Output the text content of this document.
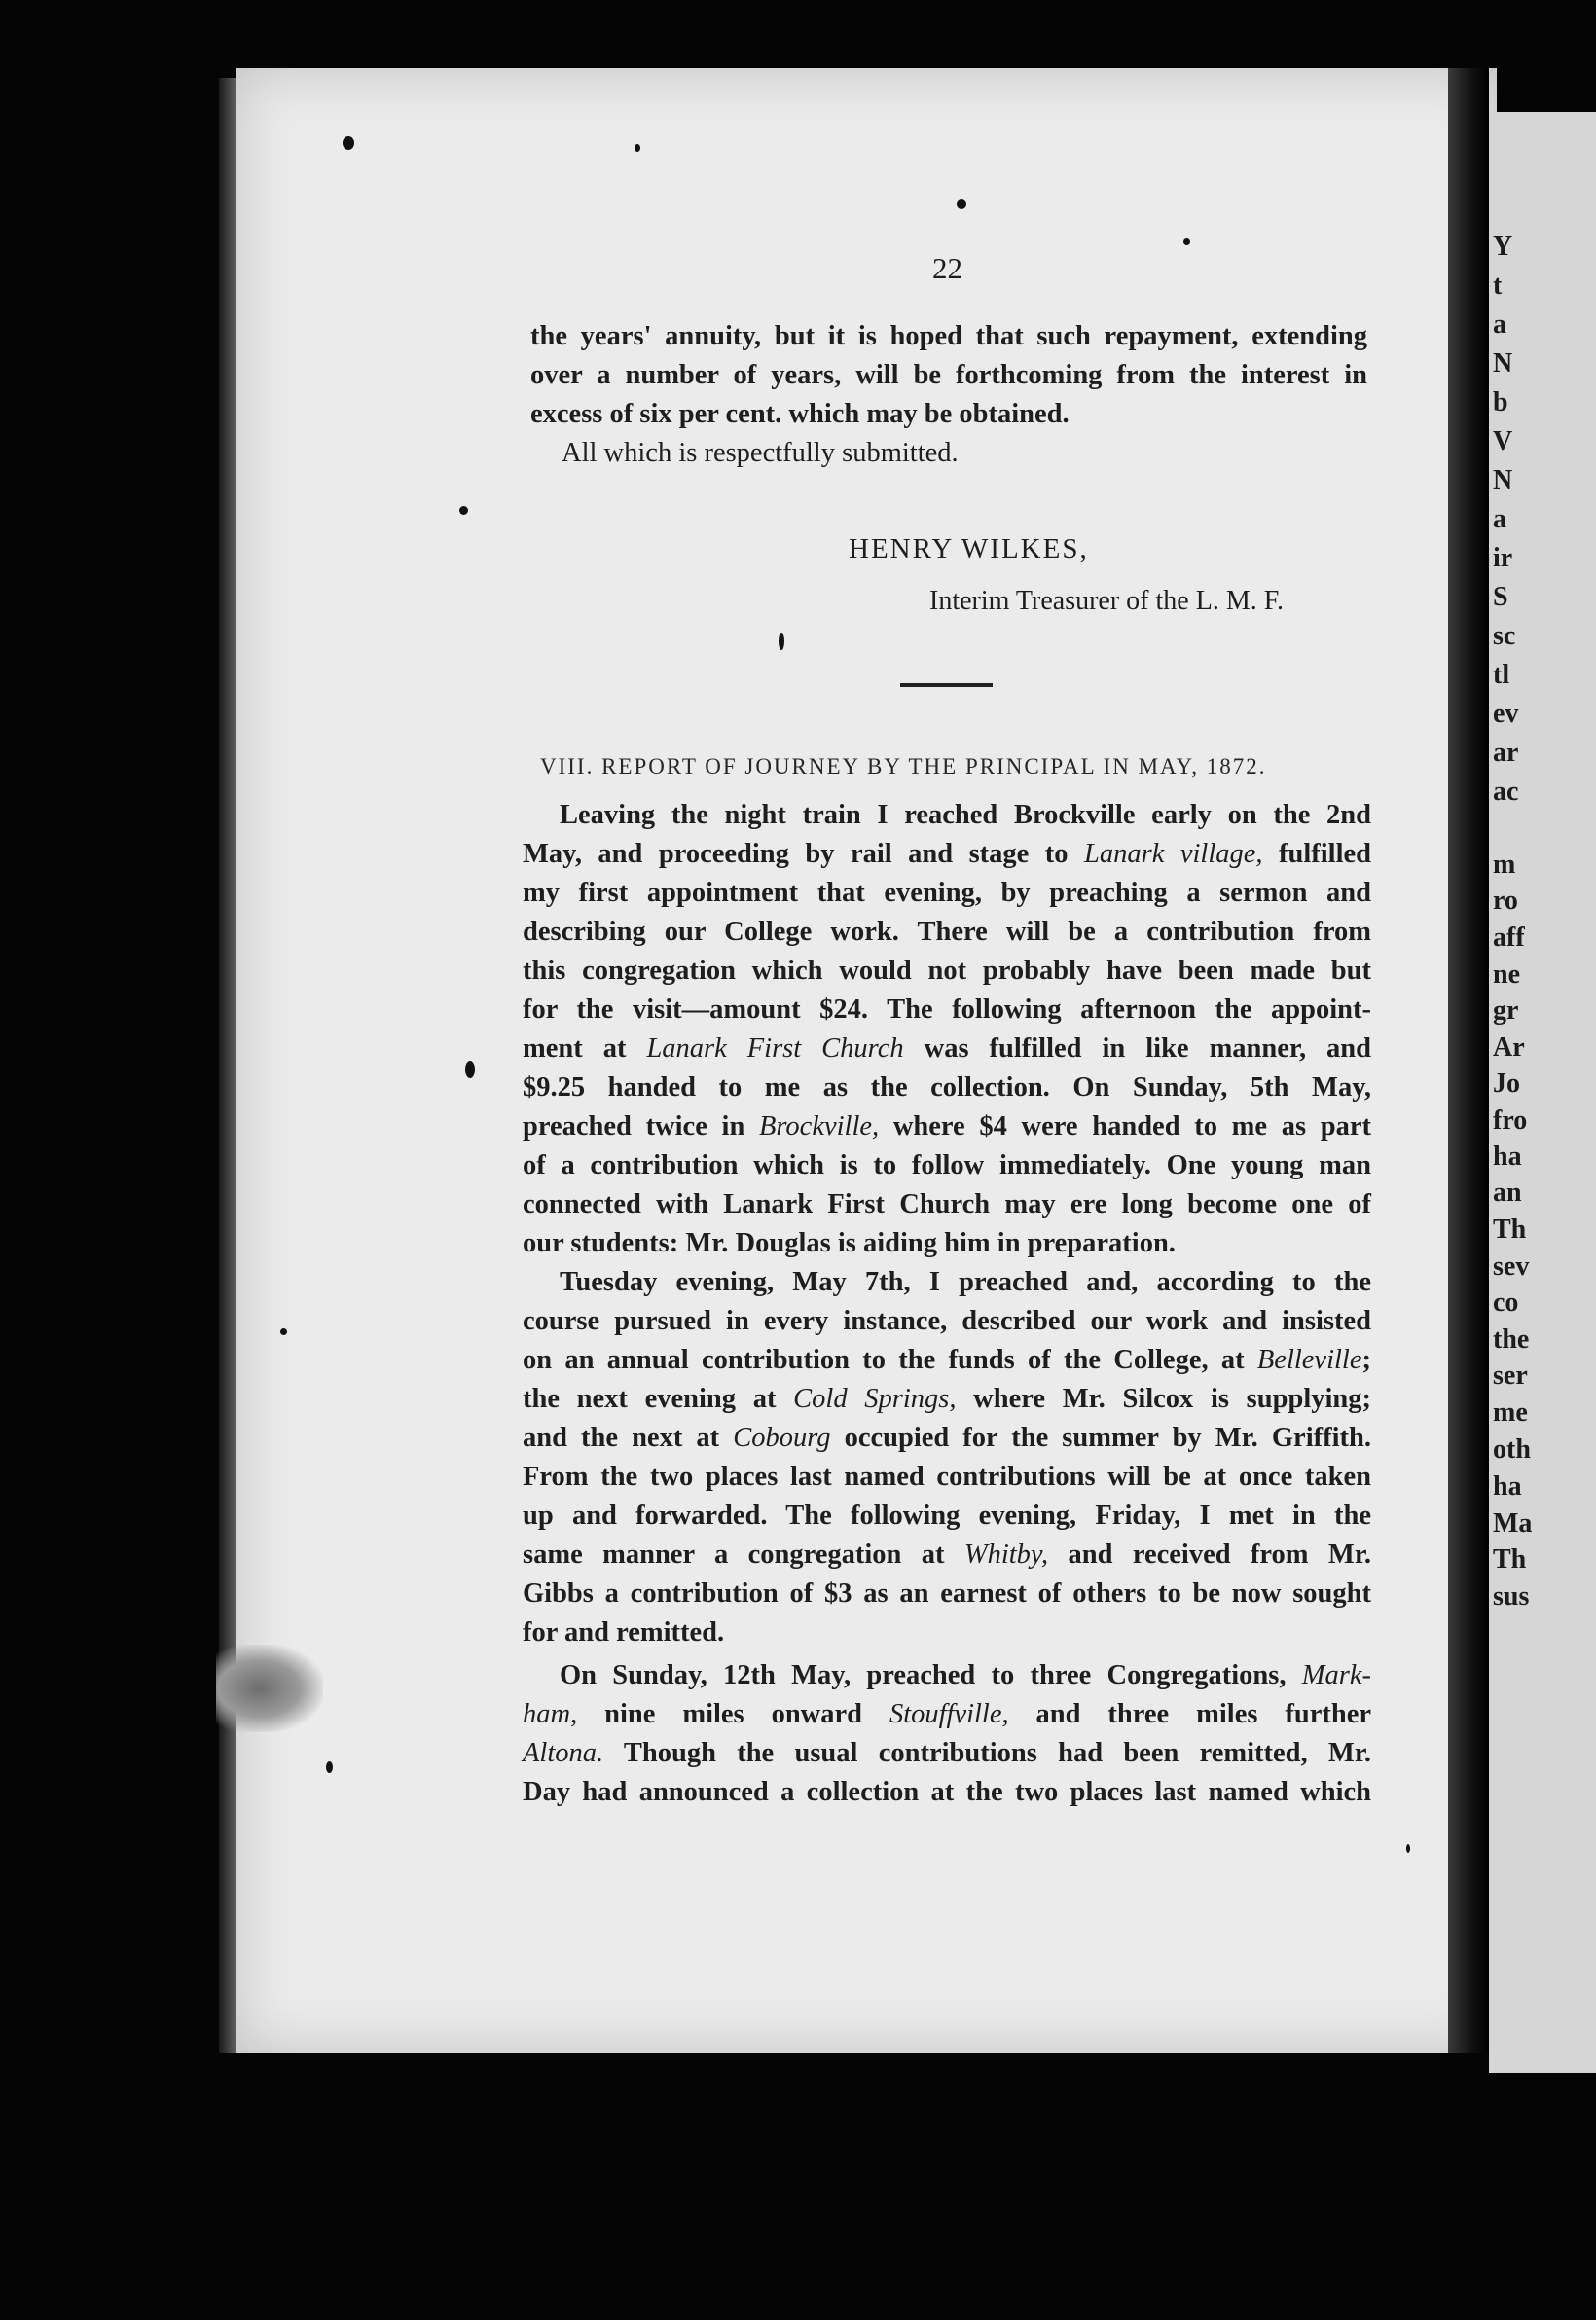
Y
t
a
N
b
V
N
a
ir
S
sc
tl
ev
ar
ac
m
ro
aff
ne
gr
Ar
Jo
fro
ha
an
Th
sev
co
the
ser
me
oth
ha
Ma
Th
sus
22
the years' annuity, but it is hoped that such repayment, extending
over a number of years, will be forthcoming from the interest in
excess of six per cent. which may be obtained.
All which is respectfully submitted.
HENRY WILKES,
Interim Treasurer of the L. M. F.
VIII. REPORT OF JOURNEY BY THE PRINCIPAL IN MAY, 1872.
Leaving the night train I reached Brockville early on the 2nd
May, and proceeding by rail and stage to Lanark village, fulfilled
my first appointment that evening, by preaching a sermon and
describing our College work. There will be a contribution from
this congregation which would not probably have been made but
for the visit—amount $24. The following afternoon the appoint-
ment at Lanark First Church was fulfilled in like manner, and
$9.25 handed to me as the collection. On Sunday, 5th May,
preached twice in Brockville, where $4 were handed to me as part
of a contribution which is to follow immediately. One young man
connected with Lanark First Church may ere long become one of
our students: Mr. Douglas is aiding him in preparation.
Tuesday evening, May 7th, I preached and, according to the
course pursued in every instance, described our work and insisted
on an annual contribution to the funds of the College, at Belleville;
the next evening at Cold Springs, where Mr. Silcox is supplying;
and the next at Cobourg occupied for the summer by Mr. Griffith.
From the two places last named contributions will be at once taken
up and forwarded. The following evening, Friday, I met in the
same manner a congregation at Whitby, and received from Mr.
Gibbs a contribution of $3 as an earnest of others to be now sought
for and remitted.
On Sunday, 12th May, preached to three Congregations, Mark-
ham, nine miles onward Stouffville, and three miles further
Altona. Though the usual contributions had been remitted, Mr.
Day had announced a collection at the two places last named which
